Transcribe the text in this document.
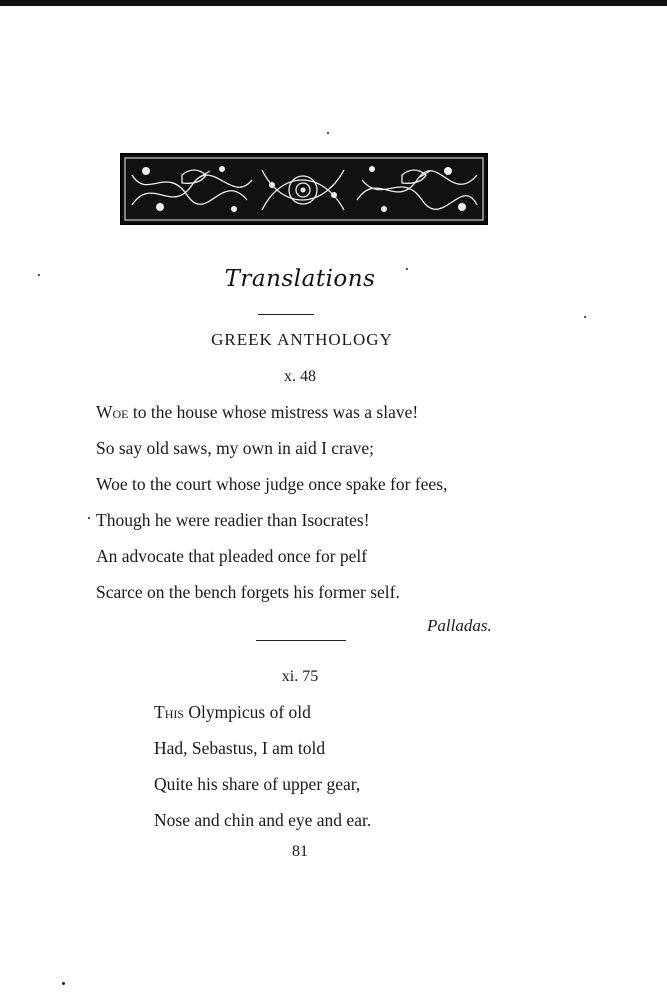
Translations
GREEK ANTHOLOGY
x. 48
Woe to the house whose mistress was a slave!
So say old saws, my own in aid I crave;
Woe to the court whose judge once spake for fees,
Though he were readier than Isocrates!
An advocate that pleaded once for pelf
Scarce on the bench forgets his former self.
Palladas.
xi. 75
This Olympicus of old
Had, Sebastus, I am told
Quite his share of upper gear,
Nose and chin and eye and ear.
81
